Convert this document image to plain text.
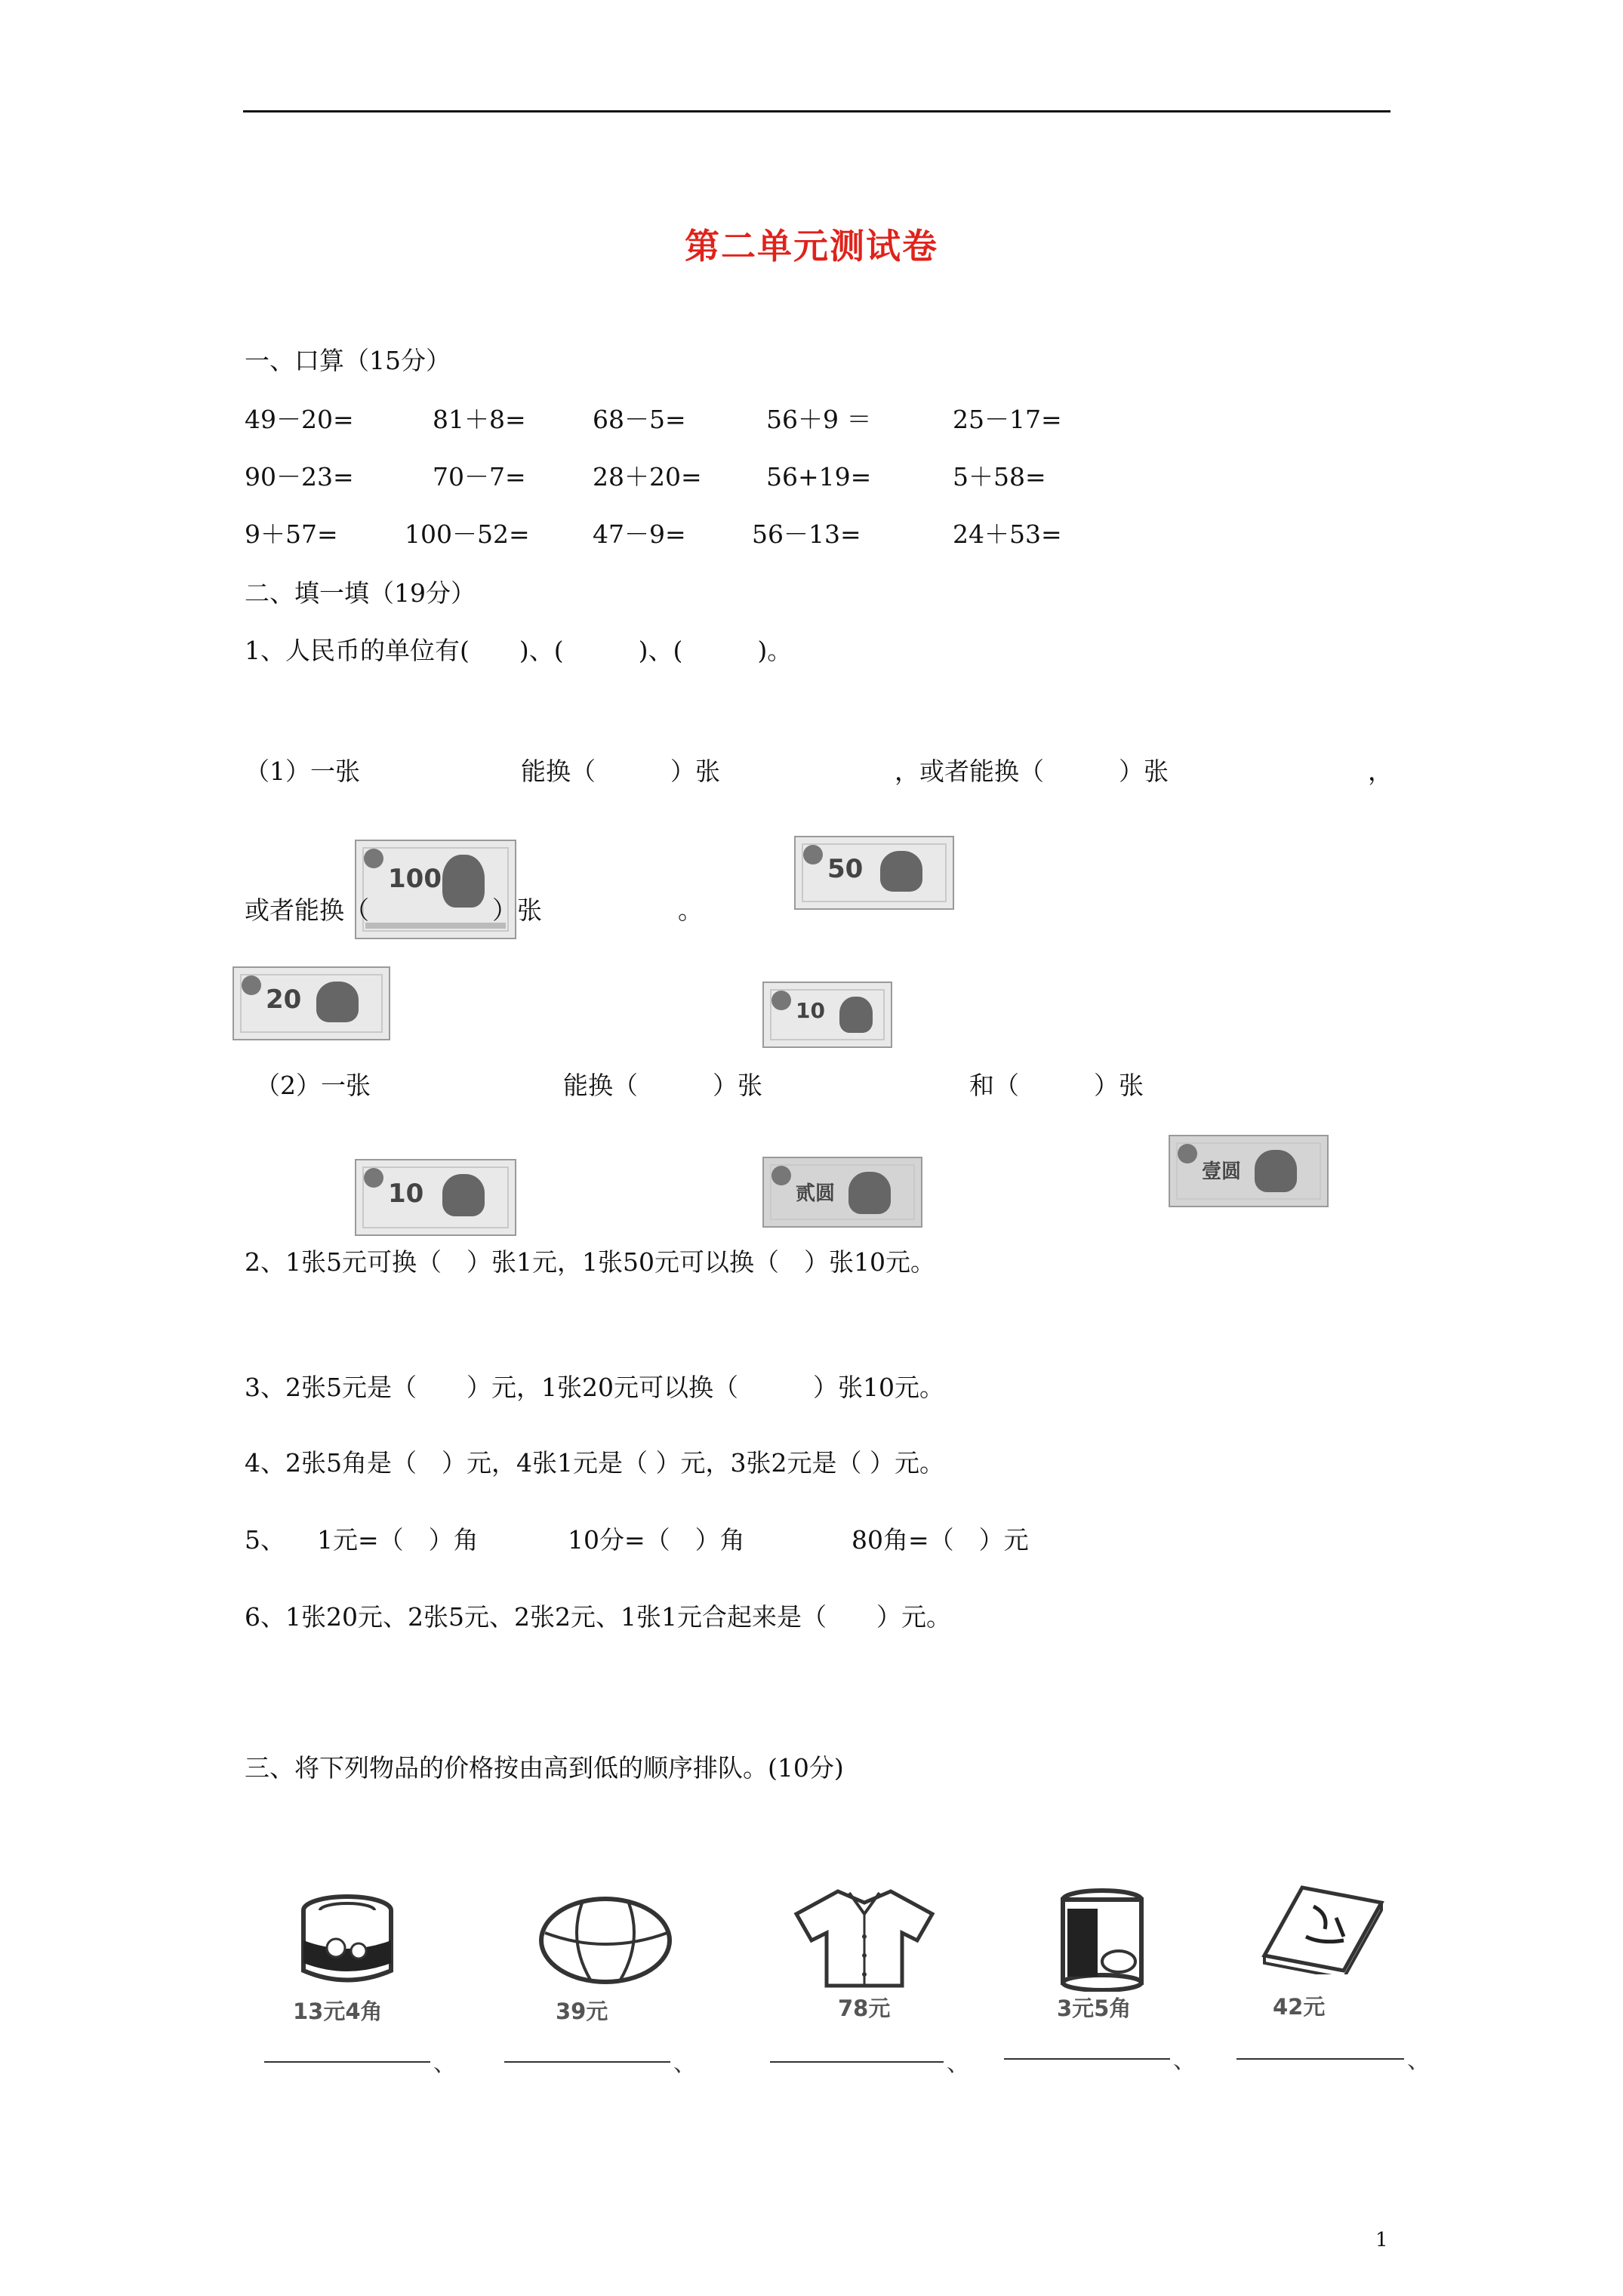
第二单元测试卷
一、口算（15分）
49－20=	81＋8=	68－5=	56＋9 ＝	25－17=
90－23=	70－7=	28＋20=	56+19=	5＋58=
9＋57=	100－52=	47－9=	56－13=	24＋53=
二、填一填（19分）
1、人民币的单位有(　　)、(　　　)、(　　　)。
（1）一张	能换（　　　）张	，或者能换（　　　）张	，
100	50
或者能换（	）张	。
20	10
（2）一张	能换（　　　）张	和（　　　）张
10	贰圆
壹圆
2、1张5元可换（　）张1元，1张50元可以换（　）张10元。
3、2张5元是（　　）元，1张20元可以换（　　　）张10元。
4、2张5角是（　）元，4张1元是（ ）元，3张2元是（ ）元。
5、 1元=（　）角	10分=（　）角	80角=（　）元
6、1张20元、2张5元、2张2元、1张1元合起来是（　　）元。
三、将下列物品的价格按由高到低的顺序排队。(10分)
13元4角	39元	78元	3元5角	42元
、	、	、	、	、
1
